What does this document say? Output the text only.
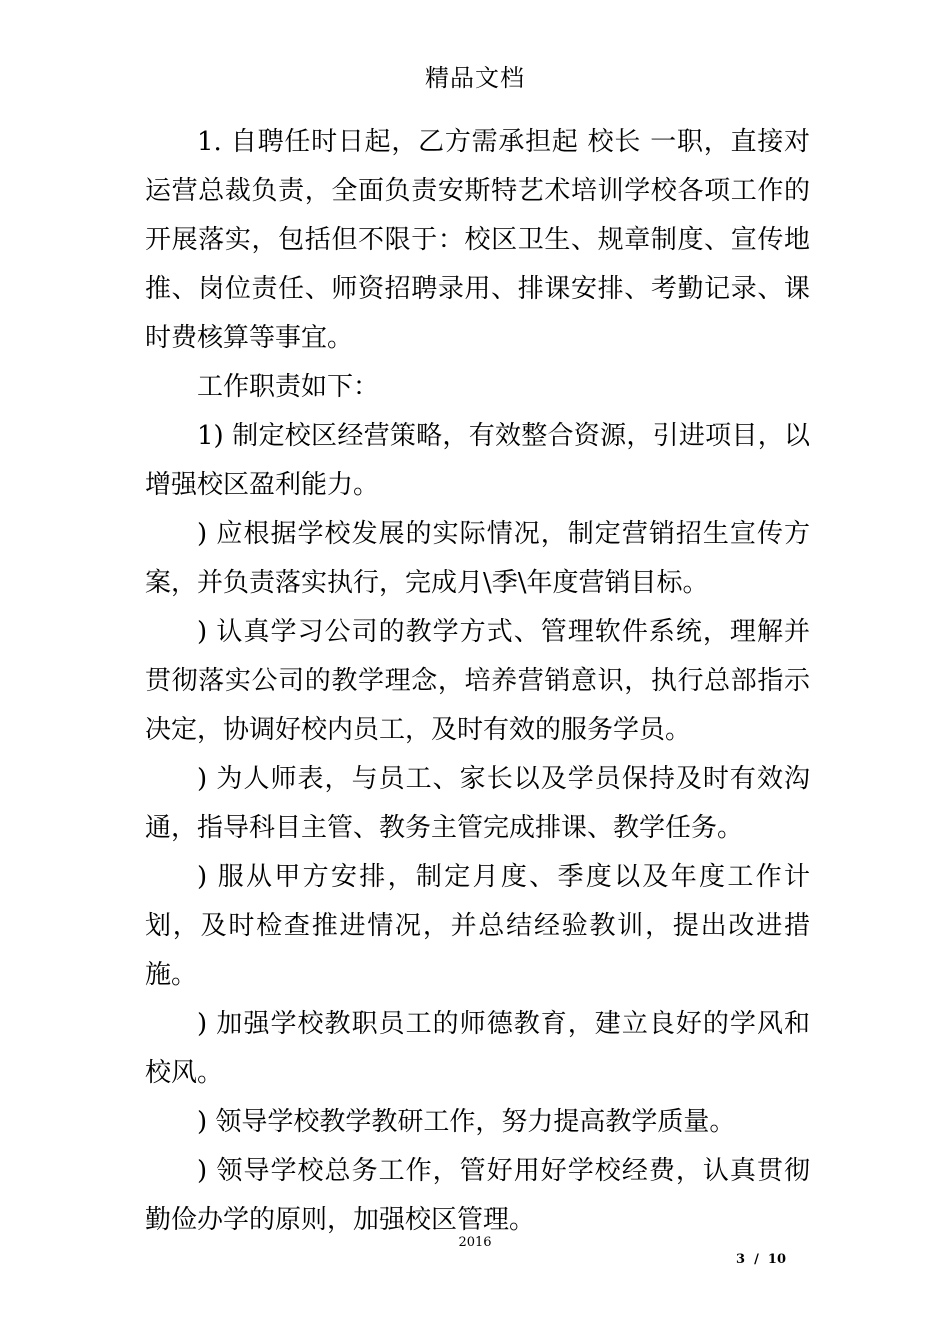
精品文档

1. 自聘任时日起，乙方需承担起 校长 一职，直接对 运营总裁负责，全面负责安斯特艺术培训学校各项工作的开展落实，包括但不限于：校区卫生、规章制度、宣传地推、岗位责任、师资招聘录用、排课安排、考勤记录、课时费核算等事宜。

工作职责如下：

1) 制定校区经营策略，有效整合资源，引进项目，以增强校区盈利能力。

) 应根据学校发展的实际情况，制定营销招生宣传方案，并负责落实执行，完成月\季\年度营销目标。

) 认真学习公司的教学方式、管理软件系统，理解并贯彻落实公司的教学理念，培养营销意识，执行总部指示决定，协调好校内员工，及时有效的服务学员。

) 为人师表，与员工、家长以及学员保持及时有效沟通，指导科目主管、教务主管完成排课、教学任务。

) 服从甲方安排，制定月度、季度以及年度工作计划，及时检查推进情况，并总结经验教训，提出改进措施。

) 加强学校教职员工的师德教育，建立良好的学风和校风。

) 领导学校教学教研工作，努力提高教学质量。

) 领导学校总务工作，管好用好学校经费，认真贯彻勤俭办学的原则，加强校区管理。

2016
3  /  10
